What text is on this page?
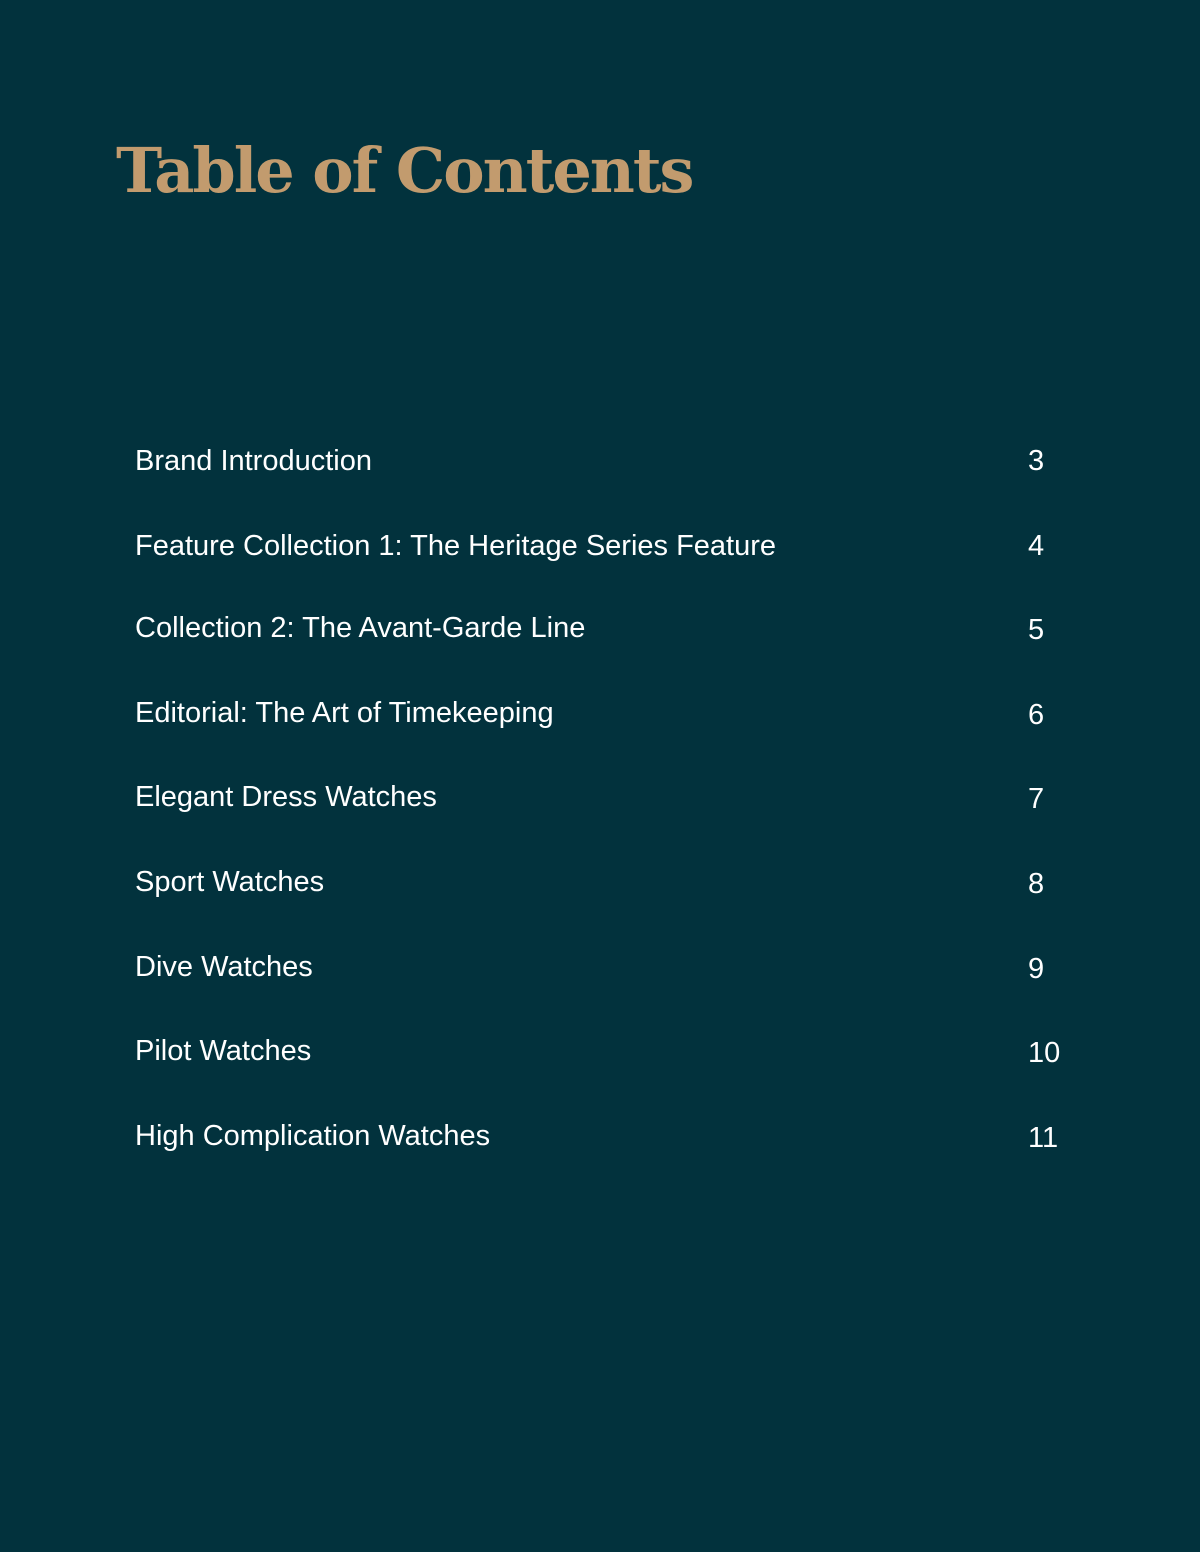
Table of Contents
Brand Introduction	3
Feature Collection 1: The Heritage Series Feature	4
Collection 2: The Avant-Garde Line	5
Editorial: The Art of Timekeeping	6
Elegant Dress Watches	7
Sport Watches	8
Dive Watches	9
Pilot Watches	10
High Complication Watches	11
